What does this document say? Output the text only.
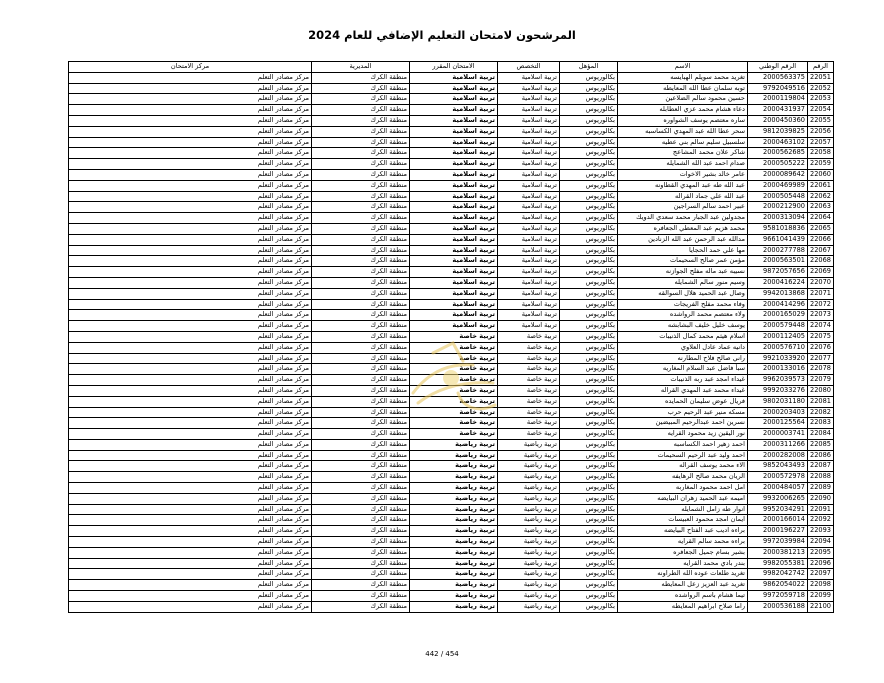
المرشحون لامتحان التعليم الإضافي للعام 2024
الرقم	الرقم الوطني	الاسم	المؤهل	التخصص	الامتحان المقرر	المديرية	مركز الامتحان
22051	2000563375	تغريد محمد سويلم الهبايسه	بكالوريوس	تربية اسلامية	تربية اسلامية	منطقة الكرك	مركز مصادر التعلم
22052	9792049516	توبه سلمان عطا الله المعايطه	بكالوريوس	تربية اسلامية	تربية اسلامية	منطقة الكرك	مركز مصادر التعلم
22053	2000119804	حسين محمود سالم الضلاعين	بكالوريوس	تربية اسلامية	تربية اسلامية	منطقة الكرك	مركز مصادر التعلم
22054	2000431937	دعاء هشام محمد عزي العطابله	بكالوريوس	تربية اسلامية	تربية اسلامية	منطقة الكرك	مركز مصادر التعلم
22055	2000450360	ساره معتصم يوسف الشواوره	بكالوريوس	تربية اسلامية	تربية اسلامية	منطقة الكرك	مركز مصادر التعلم
22056	9812039825	سحر عطا الله عبد المهدي الكساسبه	بكالوريوس	تربية اسلامية	تربية اسلامية	منطقة الكرك	مركز مصادر التعلم
22057	2000463102	سلسبيل سليم سالم بني عطيه	بكالوريوس	تربية اسلامية	تربية اسلامية	منطقة الكرك	مركز مصادر التعلم
22058	2000562685	شاكر علان محمد المشاعج	بكالوريوس	تربية اسلامية	تربية اسلامية	منطقة الكرك	مركز مصادر التعلم
22059	2000505222	صدام احمد عبد الله الشمايله	بكالوريوس	تربية اسلامية	تربية اسلامية	منطقة الكرك	مركز مصادر التعلم
22060	2000089642	عامر خالد بشير الاخوات	بكالوريوس	تربية اسلامية	تربية اسلامية	منطقة الكرك	مركز مصادر التعلم
22061	2000469989	عبد الله طه عبد المهدي القطاونه	بكالوريوس	تربية اسلامية	تربية اسلامية	منطقة الكرك	مركز مصادر التعلم
22062	2000505448	عبد الله علي جماد القراله	بكالوريوس	تربية اسلامية	تربية اسلامية	منطقة الكرك	مركز مصادر التعلم
22063	2000212900	عبير احمد سالم السراجين	بكالوريوس	تربية اسلامية	تربية اسلامية	منطقة الكرك	مركز مصادر التعلم
22064	2000313094	مجدولين عبد الجبار محمد سعدي الدويك	بكالوريوس	تربية اسلامية	تربية اسلامية	منطقة الكرك	مركز مصادر التعلم
22065	9581018836	محمد هزيم عبد المعطي الجعافره	بكالوريوس	تربية اسلامية	تربية اسلامية	منطقة الكرك	مركز مصادر التعلم
22066	9661041439	مدالله عبد الرحمن عبد الله الزنادين	بكالوريوس	تربية اسلامية	تربية اسلامية	منطقة الكرك	مركز مصادر التعلم
22067	2000277788	مها علي حمد الحجايا	بكالوريوس	تربية اسلامية	تربية اسلامية	منطقة الكرك	مركز مصادر التعلم
22068	2000563501	مؤمن عمر صالح السحيمات	بكالوريوس	تربية اسلامية	تربية اسلامية	منطقة الكرك	مركز مصادر التعلم
22069	9872057656	نسيبه عبد ماله مفلح الجوازنه	بكالوريوس	تربية اسلامية	تربية اسلامية	منطقة الكرك	مركز مصادر التعلم
22070	2000416224	وسيم منور سالم الشمايله	بكالوريوس	تربية اسلامية	تربية اسلامية	منطقة الكرك	مركز مصادر التعلم
22071	9942013868	وصال عبد الحميد هلال السوالقه	بكالوريوس	تربية اسلامية	تربية اسلامية	منطقة الكرك	مركز مصادر التعلم
22072	2000414296	وفاء محمد مفلح الفريجات	بكالوريوس	تربية اسلامية	تربية اسلامية	منطقة الكرك	مركز مصادر التعلم
22073	2000165029	ولاء معتصم محمد الرواشده	بكالوريوس	تربية اسلامية	تربية اسلامية	منطقة الكرك	مركز مصادر التعلم
22074	2000579448	يوسف خليل خليف البشابشه	بكالوريوس	تربية اسلامية	تربية اسلامية	منطقة الكرك	مركز مصادر التعلم
22075	2000112405	اسلام هيثم محمد كمال الذنيبات	بكالوريوس	تربية خاصة	تربية خاصة	منطقة الكرك	مركز مصادر التعلم
22076	2000576710	دانيه عماد عادل العلاوي	بكالوريوس	تربية خاصة	تربية خاصة	منطقة الكرك	مركز مصادر التعلم
22077	9921033920	راني صالح فلاح المطارنه	بكالوريوس	تربية خاصة	تربية خاصة	منطقة الكرك	مركز مصادر التعلم
22078	2000133016	سبأ فاضل عبد السلام المغاريه	بكالوريوس	تربية خاصة	تربية خاصة	منطقة الكرك	مركز مصادر التعلم
22079	9962039573	غيداء امجد عبد ربه الذنيبات	بكالوريوس	تربية خاصة	تربية خاصة	منطقة الكرك	مركز مصادر التعلم
22080	9992033276	غيداء محمد عبد المهدي القراله	بكالوريوس	تربية خاصة	تربية خاصة	منطقة الكرك	مركز مصادر التعلم
22081	9802031180	فريال عوض سليمان الحمايده	بكالوريوس	تربية خاصة	تربية خاصة	منطقة الكرك	مركز مصادر التعلم
22082	2000203403	مسكه منير عبد الرحيم حرب	بكالوريوس	تربية خاصة	تربية خاصة	منطقة الكرك	مركز مصادر التعلم
22083	2000125564	نسرين احمد عبدالرحيم المبيضين	بكالوريوس	تربية خاصة	تربية خاصة	منطقة الكرك	مركز مصادر التعلم
22084	2000003741	نور اليقين زيد محمود القرايه	بكالوريوس	تربية خاصة	تربية خاصة	منطقة الكرك	مركز مصادر التعلم
22085	2000311266	احمد زهير احمد الكساسبه	بكالوريوس	تربية رياضية	تربية رياضية	منطقة الكرك	مركز مصادر التعلم
22086	2000282008	احمد وليد عبد الرحيم السحيمات	بكالوريوس	تربية رياضية	تربية رياضية	منطقة الكرك	مركز مصادر التعلم
22087	9852043493	الاء محمد يوسف القراله	بكالوريوس	تربية رياضية	تربية رياضية	منطقة الكرك	مركز مصادر التعلم
22088	2000572978	الريان محمد صالح الرهايفه	بكالوريوس	تربية رياضية	تربية رياضية	منطقة الكرك	مركز مصادر التعلم
22089	2000484057	امل احمد محمود المغاربه	بكالوريوس	تربية رياضية	تربية رياضية	منطقة الكرك	مركز مصادر التعلم
22090	9932006265	اميمه عبد الحميد زهران البيايضه	بكالوريوس	تربية رياضية	تربية رياضية	منطقة الكرك	مركز مصادر التعلم
22091	9952034291	انوار طه زامل الشمايله	بكالوريوس	تربية رياضية	تربية رياضية	منطقة الكرك	مركز مصادر التعلم
22092	2000166014	ايمان امجد محمود العبيسات	بكالوريوس	تربية رياضية	تربية رياضية	منطقة الكرك	مركز مصادر التعلم
22093	2000196227	براءه اديب عبد الفتاح البيايضه	بكالوريوس	تربية رياضية	تربية رياضية	منطقة الكرك	مركز مصادر التعلم
22094	9972039984	براءه محمد سالم القرايه	بكالوريوس	تربية رياضية	تربية رياضية	منطقة الكرك	مركز مصادر التعلم
22095	2000381213	بشير بسام جميل الجعافره	بكالوريوس	تربية رياضية	تربية رياضية	منطقة الكرك	مركز مصادر التعلم
22096	9982055381	بندر بادي محمد القرايه	بكالوريوس	تربية رياضية	تربية رياضية	منطقة الكرك	مركز مصادر التعلم
22097	9982042742	تغريد طلعات عوده الله الطراونه	بكالوريوس	تربية رياضية	تربية رياضية	منطقة الكرك	مركز مصادر التعلم
22098	9862054022	تغريد عبد العزيز زعل المعايطه	بكالوريوس	تربية رياضية	تربية رياضية	منطقة الكرك	مركز مصادر التعلم
22099	9972059718	تيما هشام باسم الرواشده	بكالوريوس	تربية رياضية	تربية رياضية	منطقة الكرك	مركز مصادر التعلم
22100	2000536188	راما صلاح ابراهيم المعايطه	بكالوريوس	تربية رياضية	تربية رياضية	منطقة الكرك	مركز مصادر التعلم
442 / 454
